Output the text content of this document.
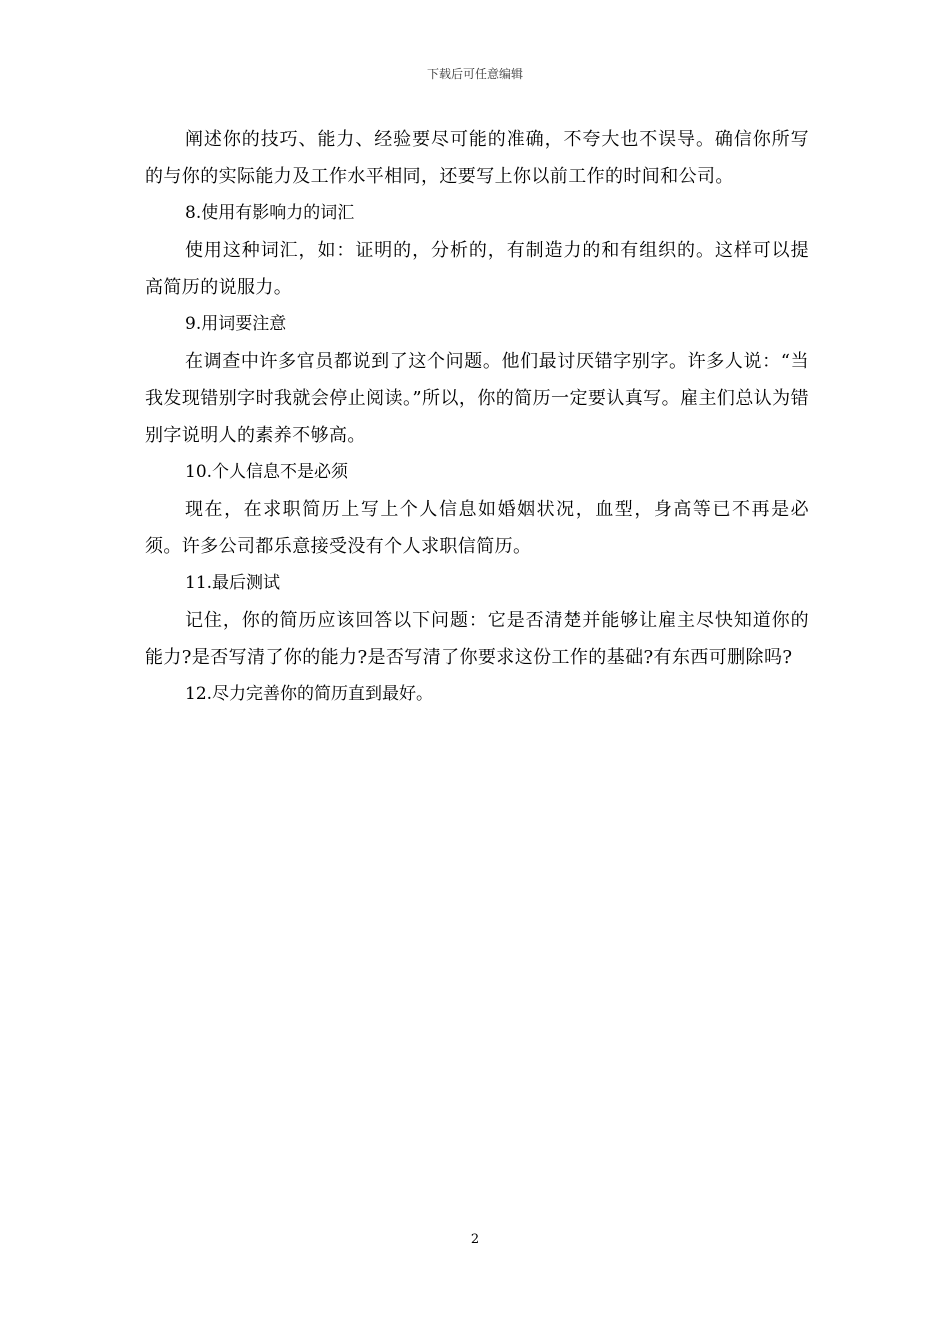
下载后可任意编辑

阐述你的技巧、能力、经验要尽可能的准确，不夸大也不误导。确信你所写的与你的实际能力及工作水平相同，还要写上你以前工作的时间和公司。

8.使用有影响力的词汇

使用这种词汇，如：证明的，分析的，有制造力的和有组织的。这样可以提高简历的说服力。

9.用词要注意

在调查中许多官员都说到了这个问题。他们最讨厌错字别字。许多人说：“当我发现错别字时我就会停止阅读。”所以，你的简历一定要认真写。雇主们总认为错别字说明人的素养不够高。

10.个人信息不是必须

现在，在求职简历上写上个人信息如婚姻状况，血型，身高等已不再是必须。许多公司都乐意接受没有个人求职信简历。

11.最后测试

记住，你的简历应该回答以下问题：它是否清楚并能够让雇主尽快知道你的能力?是否写清了你的能力?是否写清了你要求这份工作的基础?有东西可删除吗?

12.尽力完善你的简历直到最好。

2
